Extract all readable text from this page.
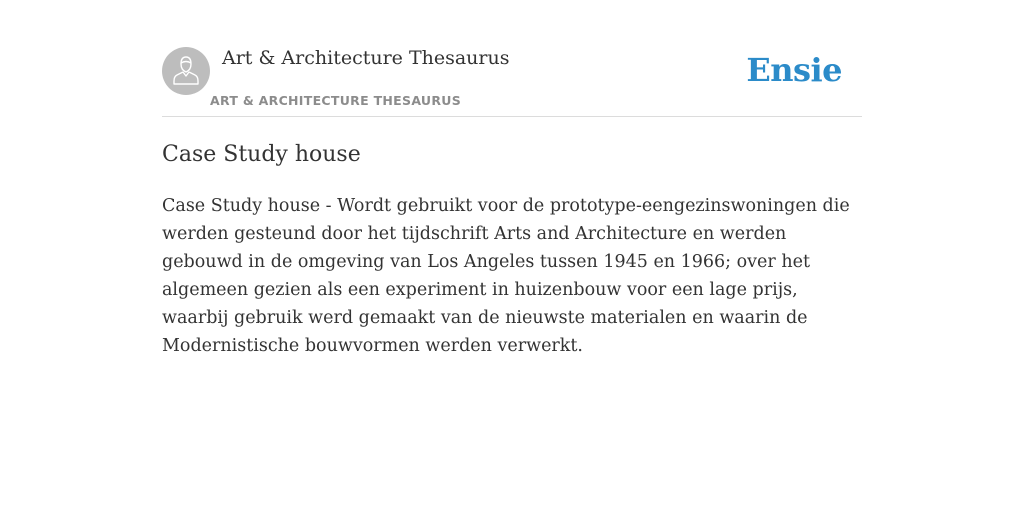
Art & Architecture Thesaurus
ART & ARCHITECTURE THESAURUS
Ensie
Case Study house

Case Study house - Wordt gebruikt voor de prototype-eengezinswoningen die werden gesteund door het tijdschrift Arts and Architecture en werden gebouwd in de omgeving van Los Angeles tussen 1945 en 1966; over het algemeen gezien als een experiment in huizenbouw voor een lage prijs, waarbij gebruik werd gemaakt van de nieuwste materialen en waarin de Modernistische bouwvormen werden verwerkt.
